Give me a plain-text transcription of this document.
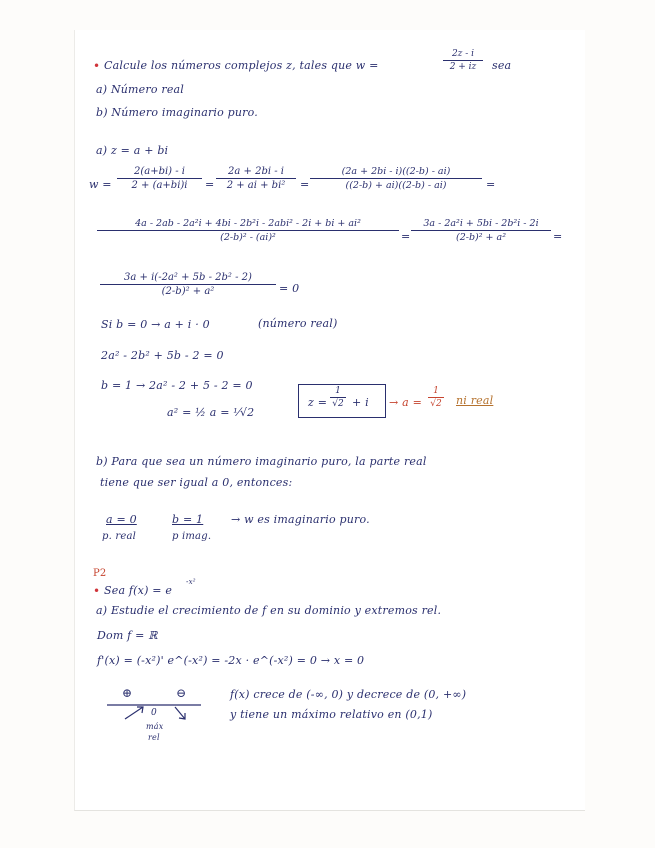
• Calcule los números complejos z, tales que w =
2z - i
2 + iz	sea
a) Número real
b) Número imaginario puro.
a) z = a + bi
w =
2(a+bi) - i
2 + (a+bi)i	=
2a + 2bi - i
2 + ai + bi²	=
(2a + 2bi - i)((2-b) - ai)
((2-b) + ai)((2-b) - ai)	=
4a - 2ab - 2a²i + 4bi - 2b²i - 2abi² - 2i + bi + ai²
(2-b)² - (ai)²	=
3a - 2a²i + 5bi - 2b²i - 2i
(2-b)² + a²	=
3a + i(-2a² + 5b - 2b² - 2)
(2-b)² + a²	= 0
Si b = 0 → a + i · 0	(número real)
2a² - 2b² + 5b - 2 = 0
b = 1 → 2a² - 2 + 5 - 2 = 0
a² = ½ a = ¹⁄√2
z =
1
√2 + i → a =
1
√2 ni real
b) Para que sea un número imaginario puro, la parte real
tiene que ser igual a 0, entonces:
a = 0
p. real
b = 1
p imag.
→ w es imaginario puro.
P2
• Sea f(x) = e
-x²
a) Estudie el crecimiento de f en su dominio y extremos rel.
Dom f = ℝ
f'(x) = (-x²)' e^(-x²) = -2x · e^(-x²) = 0 → x = 0
⊕	⊖
0
máx
rel
f(x) crece de (-∞, 0) y decrece de (0, +∞)
y tiene un máximo relativo en (0,1)
